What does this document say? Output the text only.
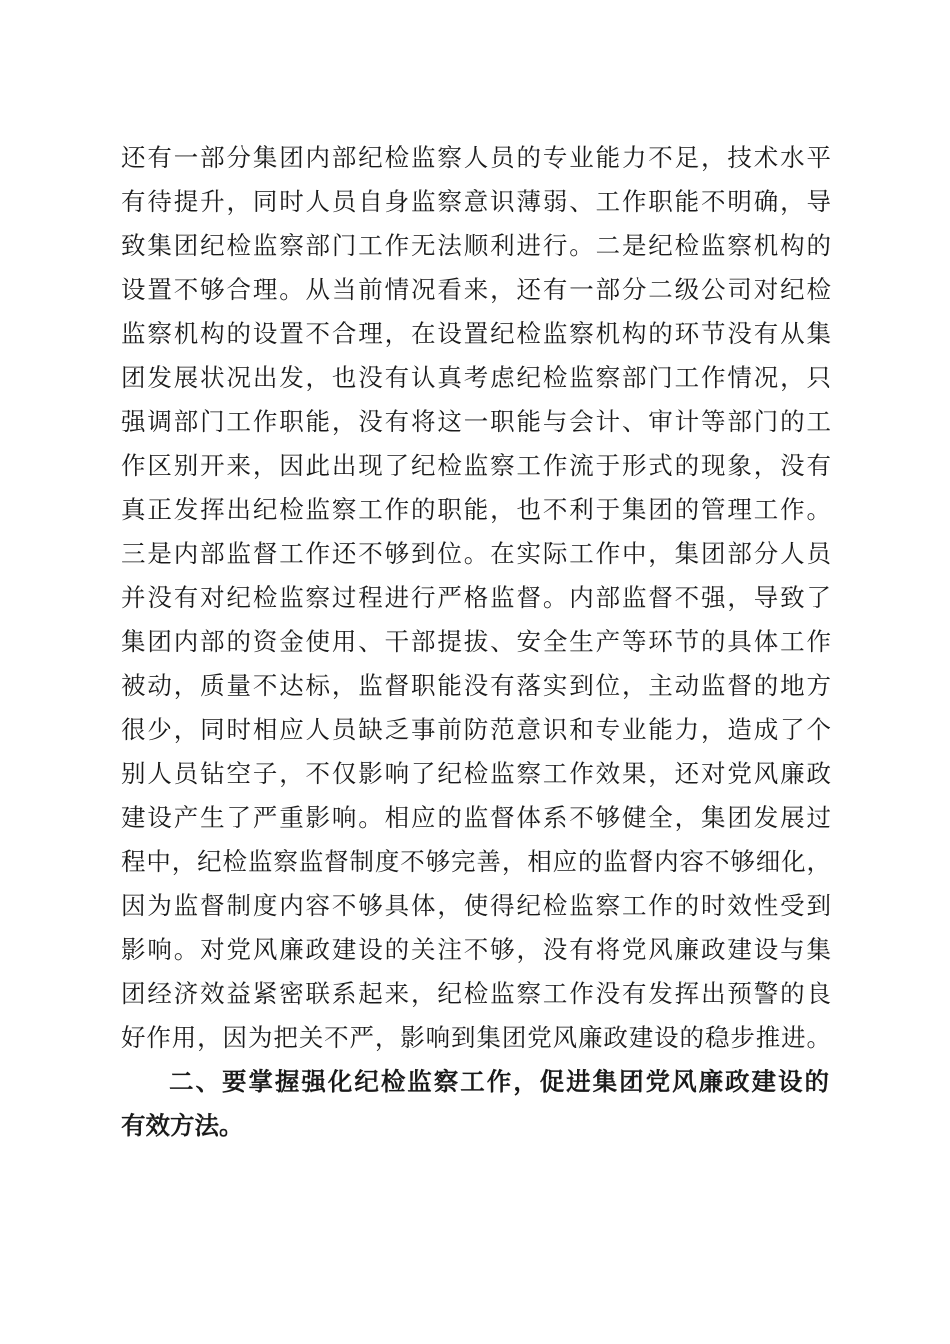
还有一部分集团内部纪检监察人员的专业能力不足，技术水平
有待提升，同时人员自身监察意识薄弱、工作职能不明确，导
致集团纪检监察部门工作无法顺利进行。二是纪检监察机构的
设置不够合理。从当前情况看来，还有一部分二级公司对纪检
监察机构的设置不合理，在设置纪检监察机构的环节没有从集
团发展状况出发，也没有认真考虑纪检监察部门工作情况，只
强调部门工作职能，没有将这一职能与会计、审计等部门的工
作区别开来，因此出现了纪检监察工作流于形式的现象，没有
真正发挥出纪检监察工作的职能，也不利于集团的管理工作。
三是内部监督工作还不够到位。在实际工作中，集团部分人员
并没有对纪检监察过程进行严格监督。内部监督不强，导致了
集团内部的资金使用、干部提拔、安全生产等环节的具体工作
被动，质量不达标，监督职能没有落实到位，主动监督的地方
很少，同时相应人员缺乏事前防范意识和专业能力，造成了个
别人员钻空子，不仅影响了纪检监察工作效果，还对党风廉政
建设产生了严重影响。相应的监督体系不够健全，集团发展过
程中，纪检监察监督制度不够完善，相应的监督内容不够细化，
因为监督制度内容不够具体，使得纪检监察工作的时效性受到
影响。对党风廉政建设的关注不够，没有将党风廉政建设与集
团经济效益紧密联系起来，纪检监察工作没有发挥出预警的良
好作用，因为把关不严，影响到集团党风廉政建设的稳步推进。
二、要掌握强化纪检监察工作，促进集团党风廉政建设的
有效方法。
